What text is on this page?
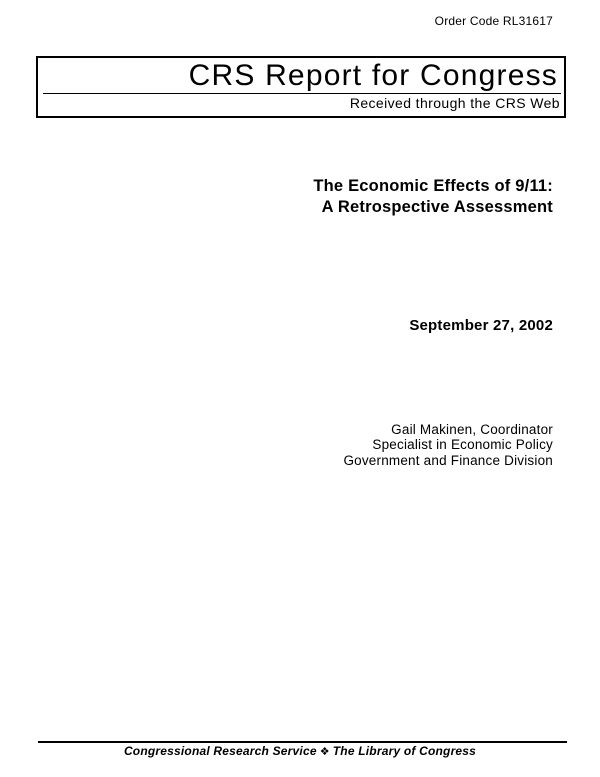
Order Code RL31617
CRS Report for Congress
Received through the CRS Web
The Economic Effects of 9/11:
A Retrospective Assessment
September 27, 2002
Gail Makinen, Coordinator
Specialist in Economic Policy
Government and Finance Division
Congressional Research Service ❖ The Library of Congress
